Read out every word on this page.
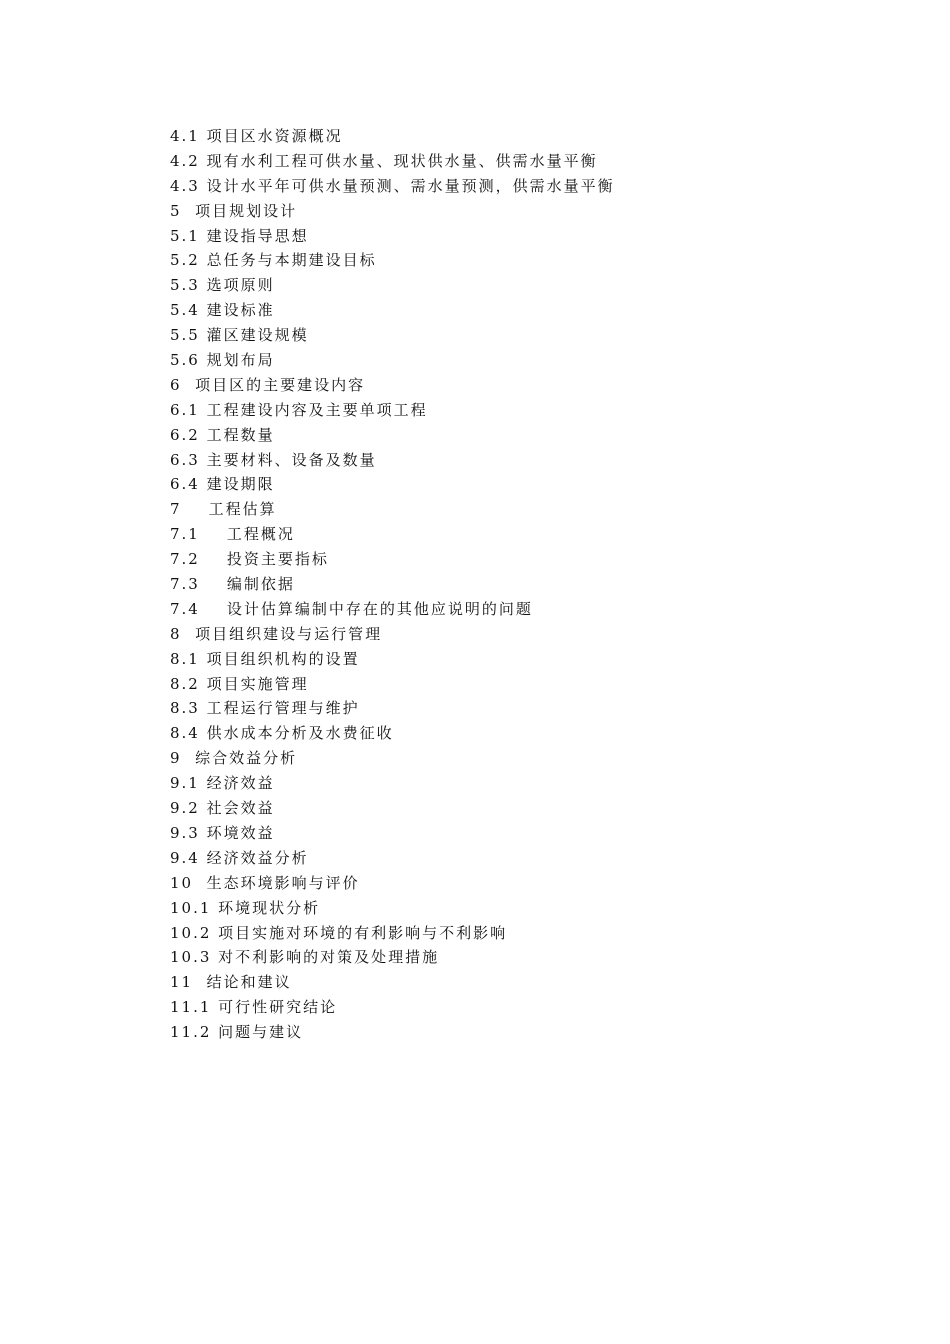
4.1 项目区水资源概况
4.2 现有水利工程可供水量、现状供水量、供需水量平衡
4.3 设计水平年可供水量预测、需水量预测，供需水量平衡
5  项目规划设计
5.1 建设指导思想
5.2 总任务与本期建设目标
5.3 选项原则
5.4 建设标准
5.5 灌区建设规模
5.6 规划布局
6  项目区的主要建设内容
6.1 工程建设内容及主要单项工程
6.2 工程数量
6.3 主要材料、设备及数量
6.4 建设期限
7    工程估算
7.1    工程概况
7.2    投资主要指标
7.3    编制依据
7.4    设计估算编制中存在的其他应说明的问题
8  项目组织建设与运行管理
8.1 项目组织机构的设置
8.2 项目实施管理
8.3 工程运行管理与维护
8.4 供水成本分析及水费征收
9  综合效益分析
9.1 经济效益
9.2 社会效益
9.3 环境效益
9.4 经济效益分析
10  生态环境影响与评价
10.1 环境现状分析
10.2 项目实施对环境的有利影响与不利影响
10.3 对不利影响的对策及处理措施
11  结论和建议
11.1 可行性研究结论
11.2 问题与建议
